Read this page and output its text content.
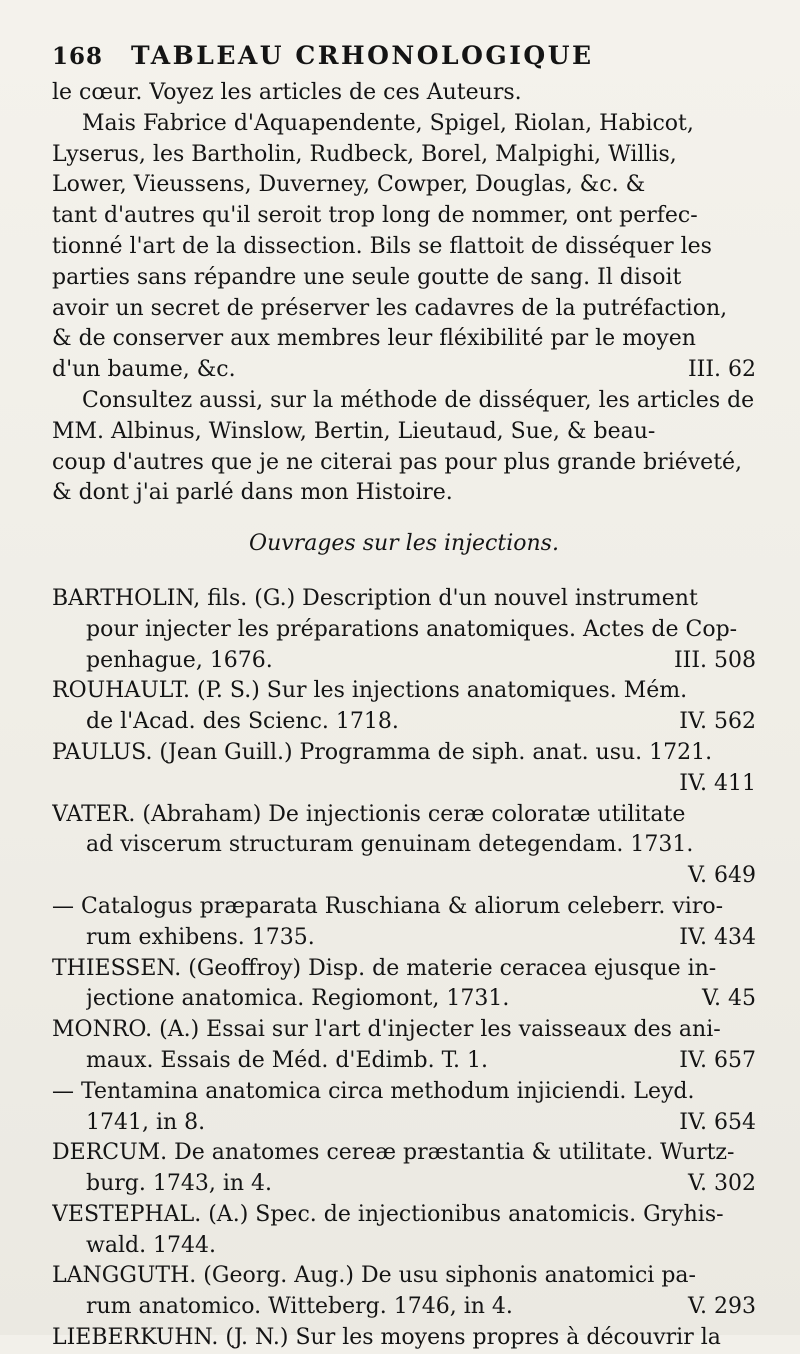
168 TABLEAU CRHONOLOGIQUE
le cœur. Voyez les articles de ces Auteurs.
Mais Fabrice d'Aquapendente, Spigel, Riolan, Habicot,
Lyserus, les Bartholin, Rudbeck, Borel, Malpighi, Willis,
Lower, Vieussens, Duverney, Cowper, Douglas, &c. &
tant d'autres qu'il seroit trop long de nommer, ont perfec-
tionné l'art de la dissection. Bils se flattoit de disséquer les
parties sans répandre une seule goutte de sang. Il disoit
avoir un secret de préserver les cadavres de la putréfaction,
& de conserver aux membres leur fléxibilité par le moyen
d'un baume, &c.	III. 62
Consultez aussi, sur la méthode de disséquer, les articles de
MM. Albinus, Winslow, Bertin, Lieutaud, Sue, & beau-
coup d'autres que je ne citerai pas pour plus grande briéveté,
& dont j'ai parlé dans mon Histoire.
Ouvrages sur les injections.
BARTHOLIN, fils. (G.) Description d'un nouvel instrument
pour injecter les préparations anatomiques. Actes de Cop-
penhague, 1676.	III. 508
ROUHAULT. (P. S.) Sur les injections anatomiques. Mém.
de l'Acad. des Scienc. 1718.	IV. 562
PAULUS. (Jean Guill.) Programma de siph. anat. usu. 1721.
IV. 411
VATER. (Abraham) De injectionis ceræ coloratæ utilitate
ad viscerum structuram genuinam detegendam. 1731.
V. 649
— Catalogus præparata Ruschiana & aliorum celeberr. viro-
rum exhibens. 1735.	IV. 434
THIESSEN. (Geoffroy) Disp. de materie ceracea ejusque in-
jectione anatomica. Regiomont, 1731.	V. 45
MONRO. (A.) Essai sur l'art d'injecter les vaisseaux des ani-
maux. Essais de Méd. d'Edimb. T. 1.	IV. 657
— Tentamina anatomica circa methodum injiciendi. Leyd.
1741, in 8.	IV. 654
DERCUM. De anatomes cereæ præstantia & utilitate. Wurtz-
burg. 1743, in 4.	V. 302
VESTEPHAL. (A.) Spec. de injectionibus anatomicis. Gryhis-
wald. 1744.
LANGGUTH. (Georg. Aug.) De usu siphonis anatomici pa-
rum anatomico. Witteberg. 1746, in 4.	V. 293
LIEBERKUHN. (J. N.) Sur les moyens propres à découvrir la
